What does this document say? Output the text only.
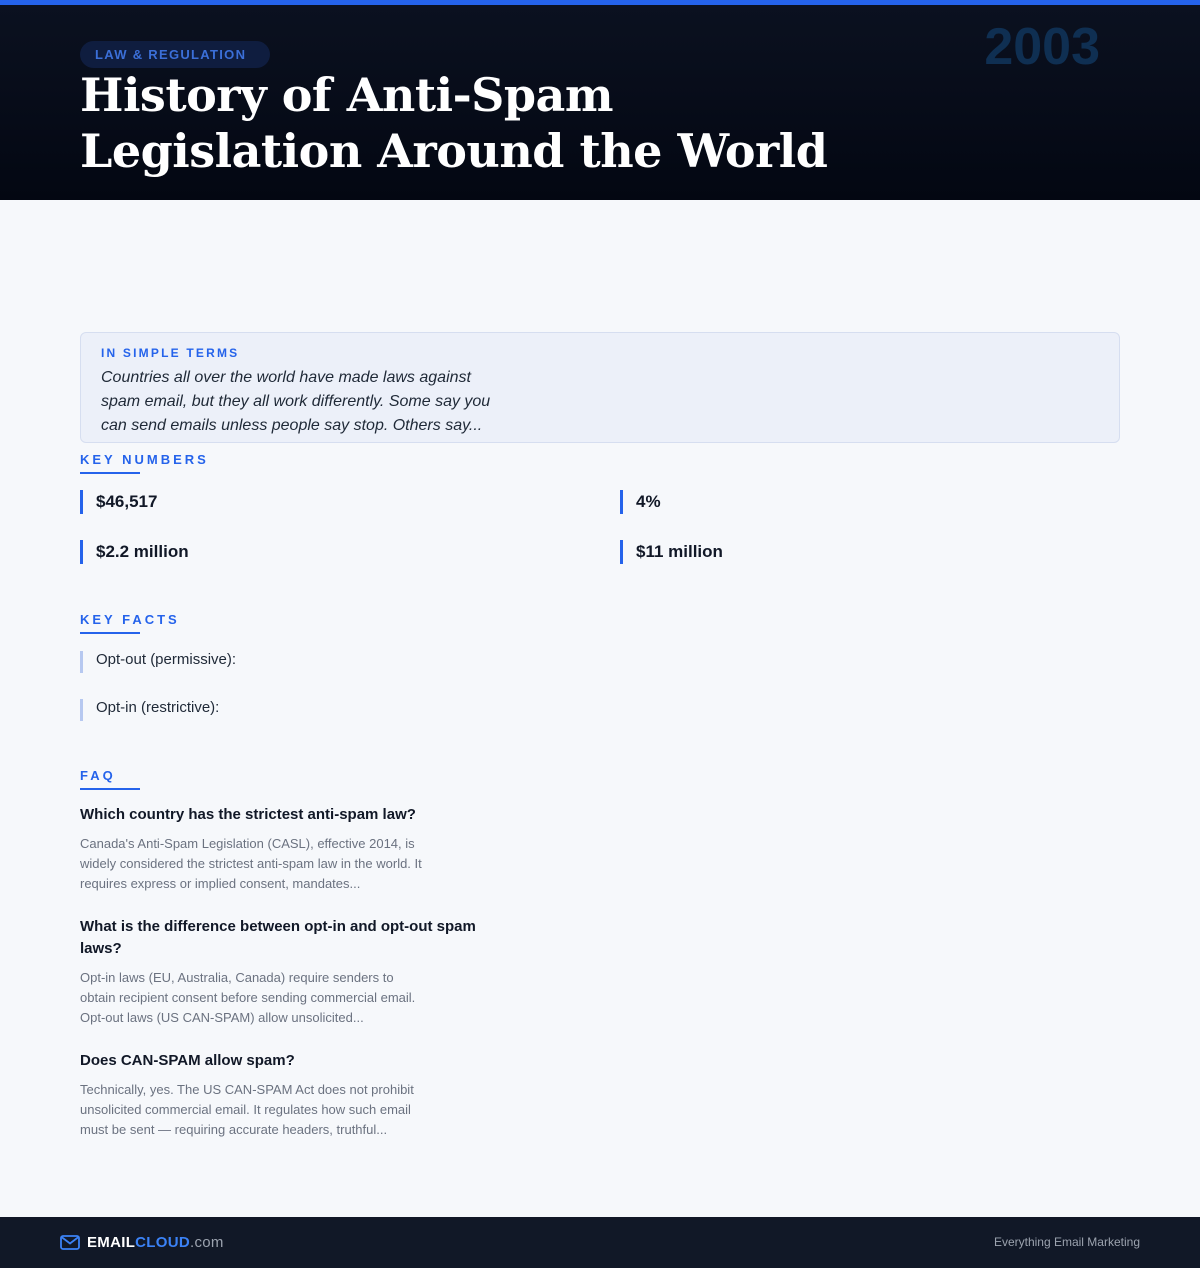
LAW & REGULATION	2003
History of Anti-Spam Legislation Around the World
IN SIMPLE TERMS

Countries all over the world have made laws against spam email, but they all work differently. Some say you can send emails unless people say stop. Others say...

KEY NUMBERS
$46,517	4%
$2.2 million	$11 million
KEY FACTS
Opt-out (permissive):
Opt-in (restrictive):
FAQ
Which country has the strictest anti-spam law?

Canada's Anti-Spam Legislation (CASL), effective 2014, is widely considered the strictest anti-spam law in the world. It requires express or implied consent, mandates...

What is the difference between opt-in and opt-out spam laws?

Opt-in laws (EU, Australia, Canada) require senders to obtain recipient consent before sending commercial email. Opt-out laws (US CAN-SPAM) allow unsolicited...

Does CAN-SPAM allow spam?

Technically, yes. The US CAN-SPAM Act does not prohibit unsolicited commercial email. It regulates how such email must be sent — requiring accurate headers, truthful...

EMAILCLOUD.com	Everything Email Marketing
